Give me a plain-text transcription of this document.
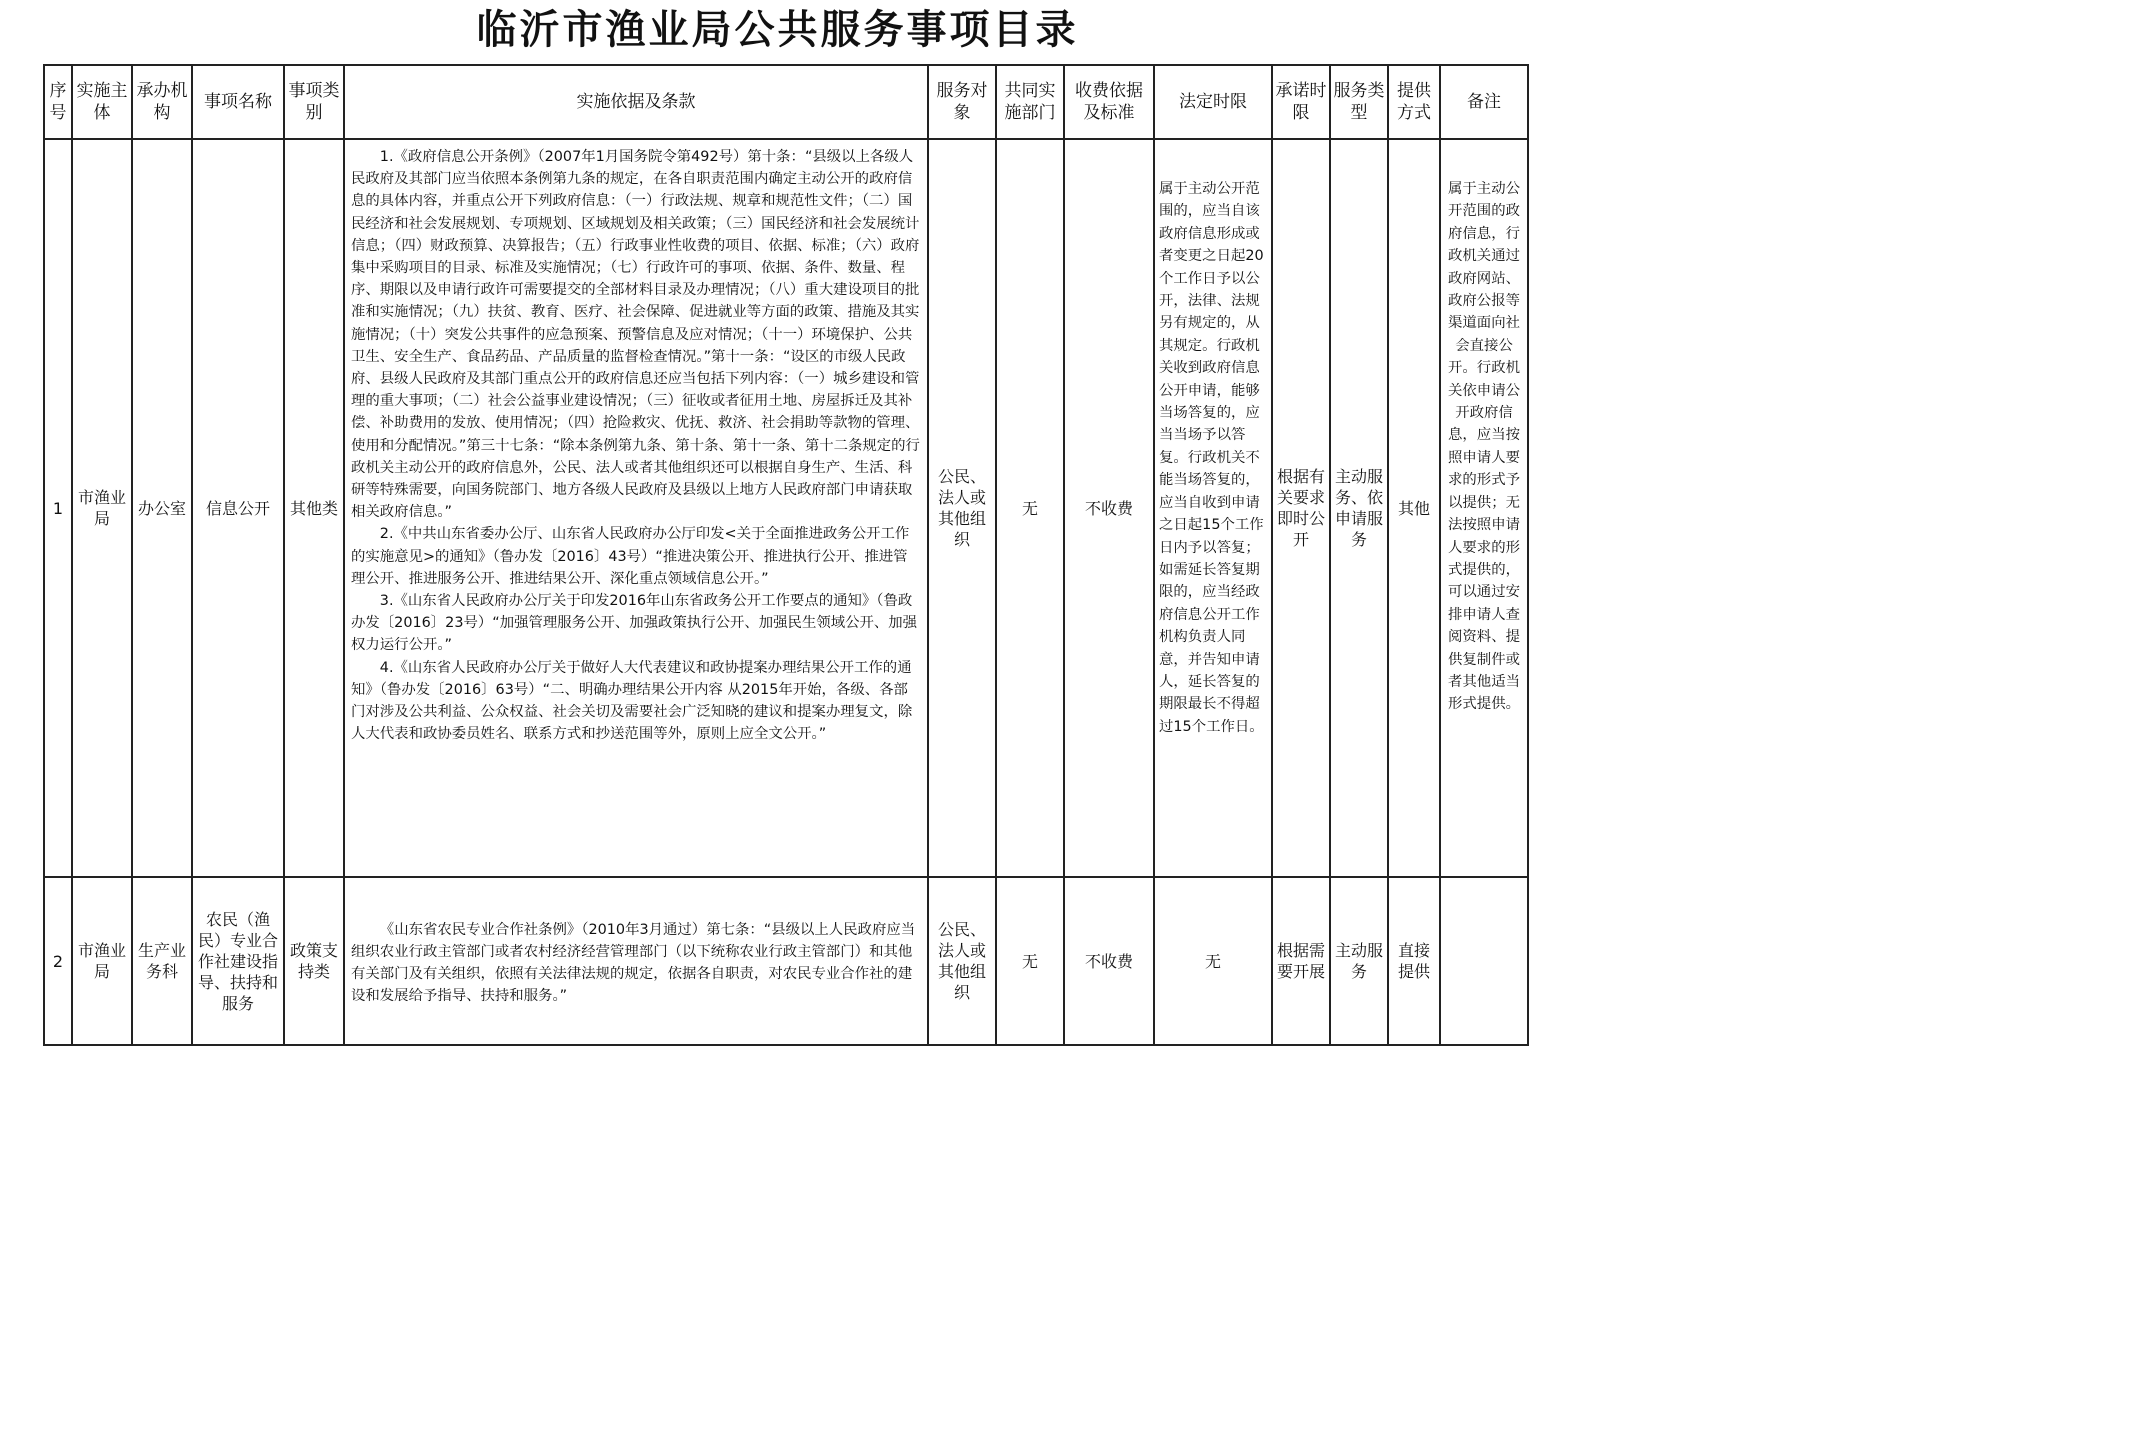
临沂市渔业局公共服务事项目录
序号	实施主体	承办机构	事项名称	事项类别	实施依据及条款	服务对象	共同实施部门	收费依据及标准	法定时限	承诺时限	服务类型	提供方式	备注
1	市渔业局	办公室	信息公开	其他类	1.《政府信息公开条例》（2007年1月国务院令第492号）第十条：“县级以上各级人民政府及其部门应当依照本条例第九条的规定，在各自职责范围内确定主动公开的政府信息的具体内容，并重点公开下列政府信息：（一）行政法规、规章和规范性文件；（二）国民经济和社会发展规划、专项规划、区域规划及相关政策；（三）国民经济和社会发展统计信息；（四）财政预算、决算报告；（五）行政事业性收费的项目、依据、标准；（六）政府集中采购项目的目录、标准及实施情况；（七）行政许可的事项、依据、条件、数量、程序、期限以及申请行政许可需要提交的全部材料目录及办理情况；（八）重大建设项目的批准和实施情况；（九）扶贫、教育、医疗、社会保障、促进就业等方面的政策、措施及其实施情况；（十）突发公共事件的应急预案、预警信息及应对情况；（十一）环境保护、公共卫生、安全生产、食品药品、产品质量的监督检查情况。”第十一条：“设区的市级人民政府、县级人民政府及其部门重点公开的政府信息还应当包括下列内容：（一）城乡建设和管理的重大事项；（二）社会公益事业建设情况；（三）征收或者征用土地、房屋拆迁及其补偿、补助费用的发放、使用情况；（四）抢险救灾、优抚、救济、社会捐助等款物的管理、使用和分配情况。”第三十七条：“除本条例第九条、第十条、第十一条、第十二条规定的行政机关主动公开的政府信息外，公民、法人或者其他组织还可以根据自身生产、生活、科研等特殊需要，向国务院部门、地方各级人民政府及县级以上地方人民政府部门申请获取相关政府信息。”

2.《中共山东省委办公厅、山东省人民政府办公厅印发<关于全面推进政务公开工作的实施意见>的通知》（鲁办发〔2016〕43号）“推进决策公开、推进执行公开、推进管理公开、推进服务公开、推进结果公开、深化重点领域信息公开。”

3.《山东省人民政府办公厅关于印发2016年山东省政务公开工作要点的通知》（鲁政办发〔2016〕23号）“加强管理服务公开、加强政策执行公开、加强民生领域公开、加强权力运行公开。”

4.《山东省人民政府办公厅关于做好人大代表建议和政协提案办理结果公开工作的通知》（鲁办发〔2016〕63号）“二、明确办理结果公开内容 从2015年开始，各级、各部门对涉及公共利益、公众权益、社会关切及需要社会广泛知晓的建议和提案办理复文，除人大代表和政协委员姓名、联系方式和抄送范围等外，原则上应全文公开。”	公民、法人或其他组织	无	不收费	属于主动公开范围的，应当自该政府信息形成或者变更之日起20个工作日予以公开，法律、法规另有规定的，从其规定。行政机关收到政府信息公开申请，能够当场答复的，应当当场予以答复。行政机关不能当场答复的，应当自收到申请之日起15个工作日内予以答复；如需延长答复期限的，应当经政府信息公开工作机构负责人同意，并告知申请人，延长答复的期限最长不得超过15个工作日。	根据有关要求即时公开	主动服务、依申请服务	其他	属于主动公开范围的政府信息，行政机关通过政府网站、政府公报等渠道面向社会直接公开。行政机关依申请公开政府信息，应当按照申请人要求的形式予以提供；无法按照申请人要求的形式提供的，可以通过安排申请人查阅资料、提供复制件或者其他适当形式提供。
2	市渔业局	生产业务科	农民（渔民）专业合作社建设指导、扶持和服务	政策支持类	《山东省农民专业合作社条例》（2010年3月通过）第七条：“县级以上人民政府应当组织农业行政主管部门或者农村经济经营管理部门（以下统称农业行政主管部门）和其他有关部门及有关组织，依照有关法律法规的规定，依据各自职责，对农民专业合作社的建设和发展给予指导、扶持和服务。”	公民、法人或其他组织	无	不收费	无	根据需要开展	主动服务	直接提供	
